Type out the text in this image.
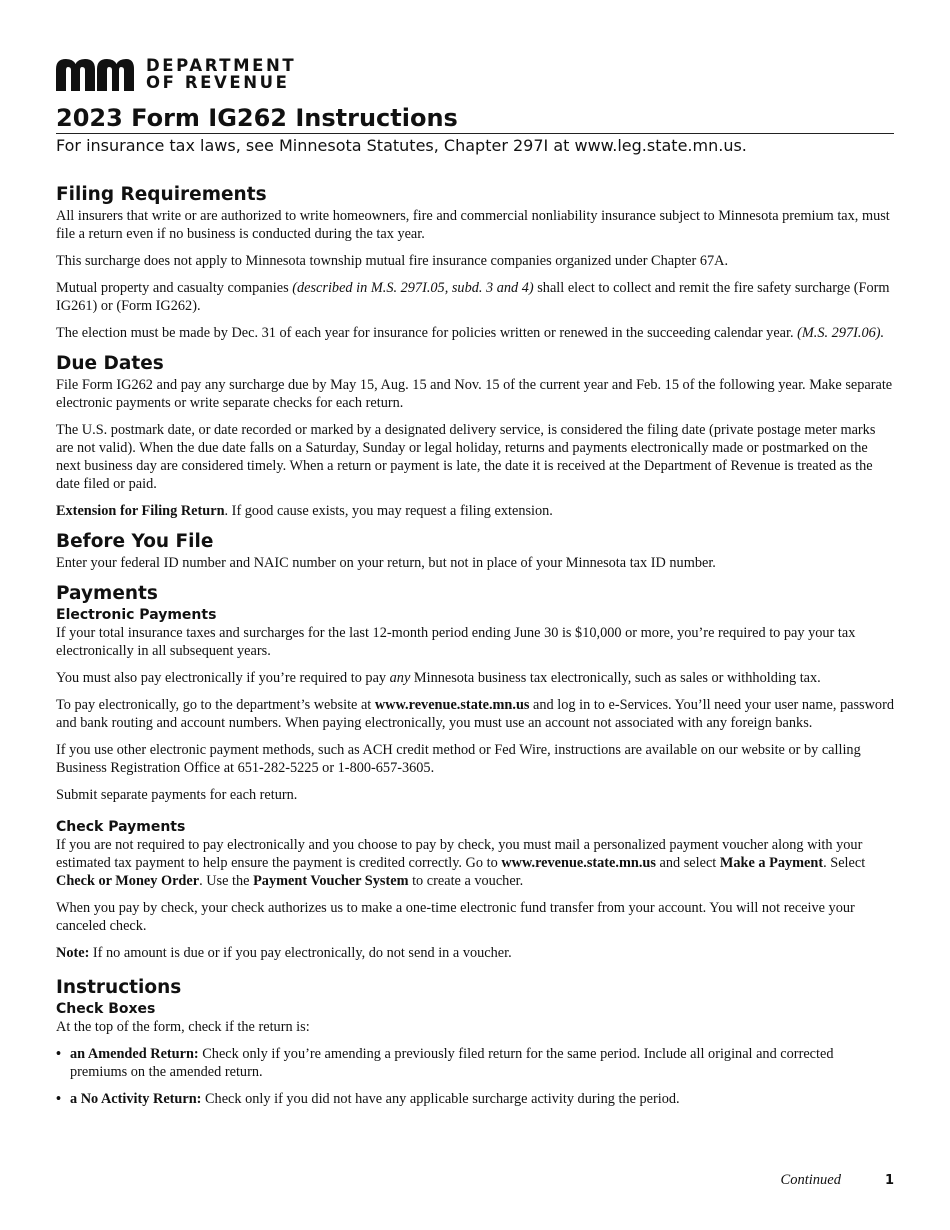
DEPARTMENT
OF REVENUE
2023 Form IG262 Instructions
For insurance tax laws, see Minnesota Statutes, Chapter 297I at www.leg.state.mn.us.
Filing Requirements

All insurers that write or are authorized to write homeowners, fire and commercial nonliability insurance subject to Minnesota premium tax, must file a return even if no business is conducted during the tax year.

This surcharge does not apply to Minnesota township mutual fire insurance companies organized under Chapter 67A.

Mutual property and casualty companies (described in M.S. 297I.05, subd. 3 and 4) shall elect to collect and remit the fire safety surcharge (Form IG261) or (Form IG262).

The election must be made by Dec. 31 of each year for insurance for policies written or renewed in the succeeding calendar year. (M.S. 297I.06).

Due Dates

File Form IG262 and pay any surcharge due by May 15, Aug. 15 and Nov. 15 of the current year and Feb. 15 of the following year. Make separate electronic payments or write separate checks for each return.

The U.S. postmark date, or date recorded or marked by a designated delivery service, is considered the filing date (private postage meter marks are not valid). When the due date falls on a Saturday, Sunday or legal holiday, returns and payments electronically made or postmarked on the next business day are considered timely. When a return or payment is late, the date it is received at the Department of Revenue is treated as the date filed or paid.

Extension for Filing Return. If good cause exists, you may request a filing extension.

Before You File

Enter your federal ID number and NAIC number on your return, but not in place of your Minnesota tax ID number.

Payments
Electronic Payments

If your total insurance taxes and surcharges for the last 12-month period ending June 30 is $10,000 or more, you’re required to pay your tax electronically in all subsequent years.

You must also pay electronically if you’re required to pay any Minnesota business tax electronically, such as sales or withholding tax.

To pay electronically, go to the department’s website at www.revenue.state.mn.us and log in to e-Services. You’ll need your user name, password and bank routing and account numbers. When paying electronically, you must use an account not associated with any foreign banks.

If you use other electronic payment methods, such as ACH credit method or Fed Wire, instructions are available on our website or by calling Business Registration Office at 651-282-5225 or 1-800-657-3605.

Submit separate payments for each return.

Check Payments

If you are not required to pay electronically and you choose to pay by check, you must mail a personalized payment voucher along with your estimated tax payment to help ensure the payment is credited correctly. Go to www.revenue.state.mn.us and select Make a Payment. Select Check or Money Order. Use the Payment Voucher System to create a voucher.

When you pay by check, your check authorizes us to make a one-time electronic fund transfer from your account. You will not receive your canceled check.

Note: If no amount is due or if you pay electronically, do not send in a voucher.

Instructions
Check Boxes

At the top of the form, check if the return is:

• an Amended Return: Check only if you’re amending a previously filed return for the same period. Include all original and corrected premiums on the amended return.
• a No Activity Return: Check only if you did not have any applicable surcharge activity during the period.
Continued	1
